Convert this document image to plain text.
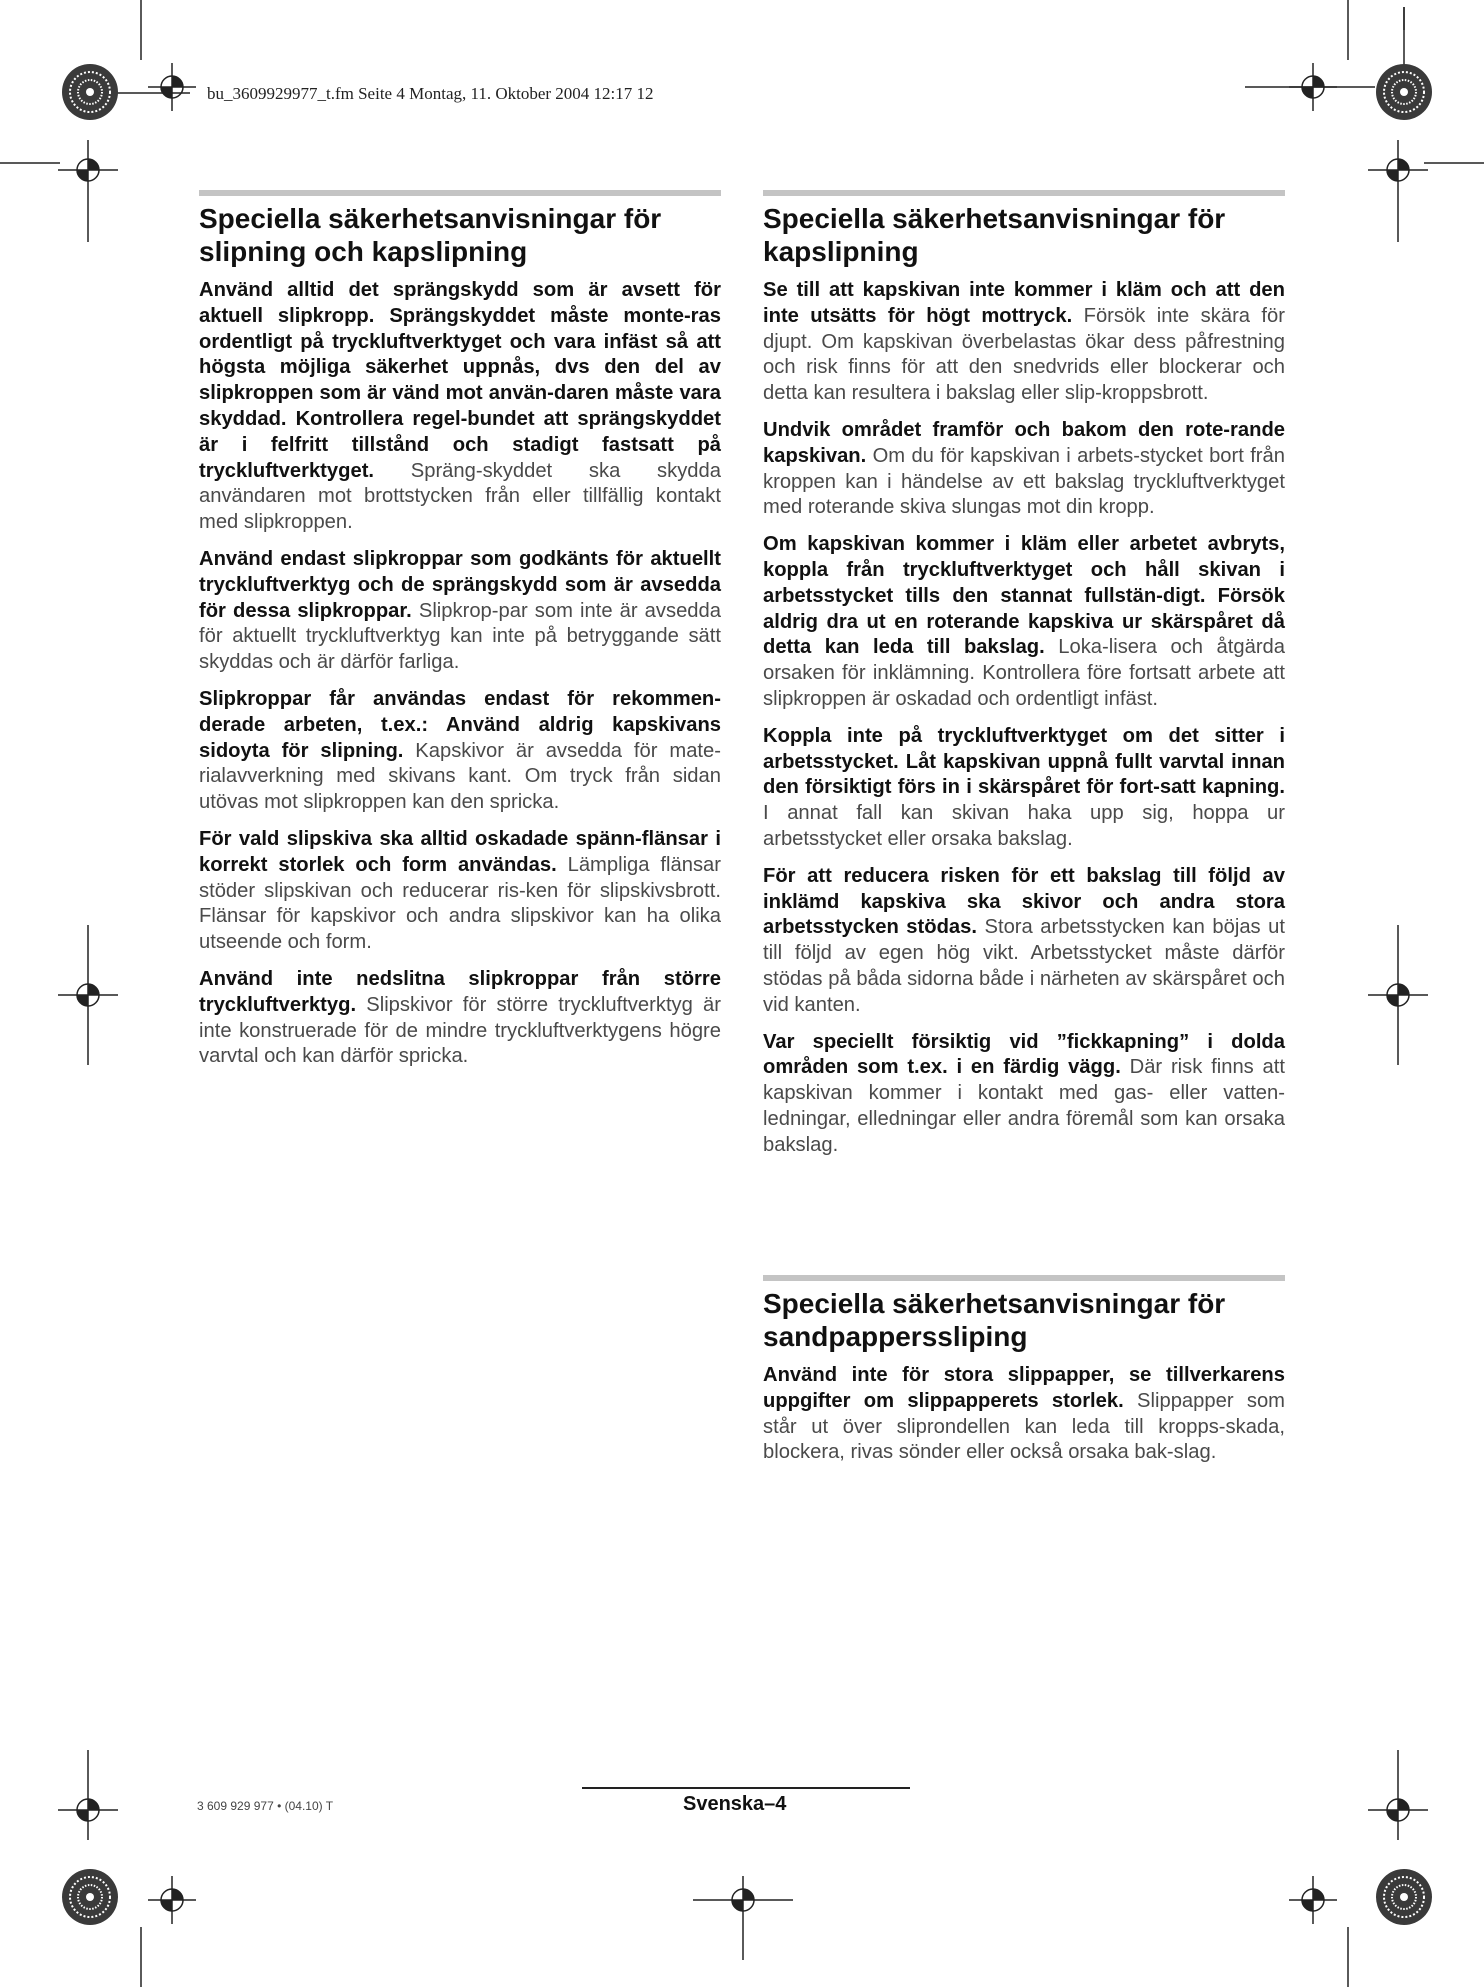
bu_3609929977_t.fm Seite 4 Montag, 11. Oktober 2004 12:17 12
Speciella säkerhetsanvisningar för slipning och kapslipning

Använd alltid det sprängskydd som är avsett för aktuell slipkropp. Sprängskyddet måste monte-ras ordentligt på tryckluftverktyget och vara infäst så att högsta möjliga säkerhet uppnås, dvs den del av slipkroppen som är vänd mot använ-daren måste vara skyddad. Kontrollera regel-bundet att sprängskyddet är i felfritt tillstånd och stadigt fastsatt på tryckluftverktyget. Spräng-skyddet ska skydda användaren mot brottstycken från eller tillfällig kontakt med slipkroppen.

Använd endast slipkroppar som godkänts för aktuellt tryckluftverktyg och de sprängskydd som är avsedda för dessa slipkroppar. Slipkrop-par som inte är avsedda för aktuellt tryckluftverktyg kan inte på betryggande sätt skyddas och är därför farliga.

Slipkroppar får användas endast för rekommen-derade arbeten, t.ex.: Använd aldrig kapskivans sidoyta för slipning. Kapskivor är avsedda för mate-rialavverkning med skivans kant. Om tryck från sidan utövas mot slipkroppen kan den spricka.

För vald slipskiva ska alltid oskadade spänn-flänsar i korrekt storlek och form användas. Lämpliga flänsar stöder slipskivan och reducerar ris-ken för slipskivsbrott. Flänsar för kapskivor och andra slipskivor kan ha olika utseende och form.

Använd inte nedslitna slipkroppar från större tryckluftverktyg. Slipskivor för större tryckluftverktyg är inte konstruerade för de mindre tryckluftverktygens högre varvtal och kan därför spricka.

Speciella säkerhetsanvisningar för kapslipning

Se till att kapskivan inte kommer i kläm och att den inte utsätts för högt mottryck. Försök inte skära för djupt. Om kapskivan överbelastas ökar dess påfrestning och risk finns för att den snedvrids eller blockerar och detta kan resultera i bakslag eller slip-kroppsbrott.

Undvik området framför och bakom den rote-rande kapskivan. Om du för kapskivan i arbets-stycket bort från kroppen kan i händelse av ett bakslag tryckluftverktyget med roterande skiva slungas mot din kropp.

Om kapskivan kommer i kläm eller arbetet avbryts, koppla från tryckluftverktyget och håll skivan i arbetsstycket tills den stannat fullstän-digt. Försök aldrig dra ut en roterande kapskiva ur skärspåret då detta kan leda till bakslag. Loka-lisera och åtgärda orsaken för inklämning. Kontrollera före fortsatt arbete att slipkroppen är oskadad och ordentligt infäst.

Koppla inte på tryckluftverktyget om det sitter i arbetsstycket. Låt kapskivan uppnå fullt varvtal innan den försiktigt förs in i skärspåret för fort-satt kapning. I annat fall kan skivan haka upp sig, hoppa ur arbetsstycket eller orsaka bakslag.

För att reducera risken för ett bakslag till följd av inklämd kapskiva ska skivor och andra stora arbetsstycken stödas. Stora arbetsstycken kan böjas ut till följd av egen hög vikt. Arbetsstycket måste därför stödas på båda sidorna både i närheten av skärspåret och vid kanten.

Var speciellt försiktig vid ”fickkapning” i dolda områden som t.ex. i en färdig vägg. Där risk finns att kapskivan kommer i kontakt med gas- eller vatten-ledningar, elledningar eller andra föremål som kan orsaka bakslag.

Speciella säkerhetsanvisningar för sandpapperssliping

Använd inte för stora slippapper, se tillverkarens uppgifter om slippapperets storlek. Slippapper som står ut över sliprondellen kan leda till kropps-skada, blockera, rivas sönder eller också orsaka bak-slag.

3 609 929 977 • (04.10) T	Svenska–4
